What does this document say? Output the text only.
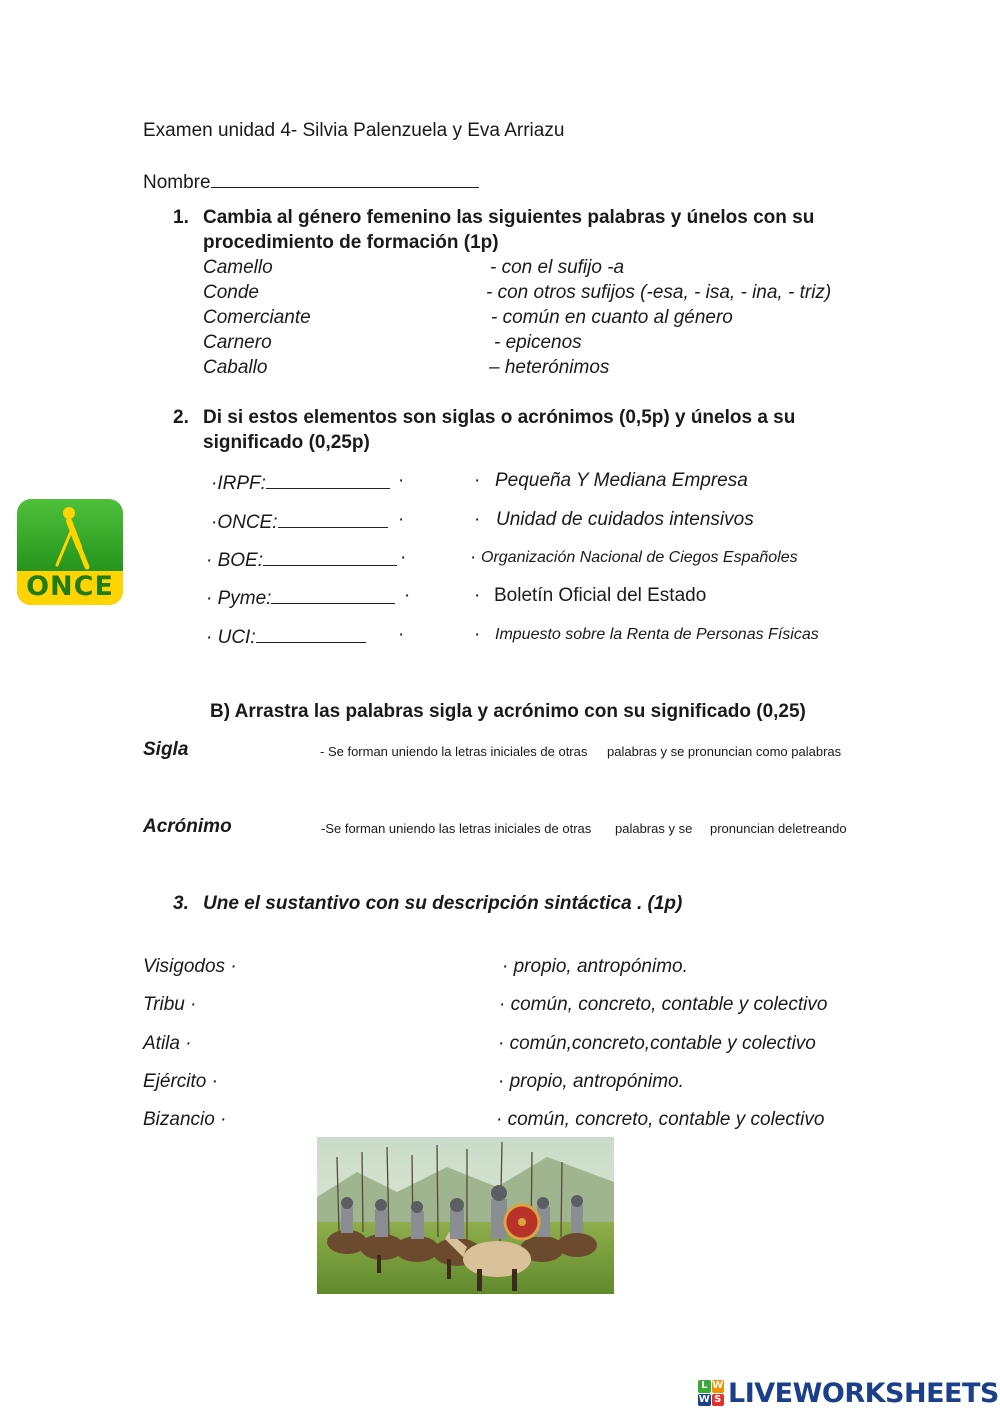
Examen unidad 4- Silvia Palenzuela y Eva Arriazu
Nombre
1. Cambia al género femenino las siguientes palabras y únelos con su
procedimiento de formación (1p)
Camello
Conde
Comerciante
Carnero
Caballo
- con el sufijo -a
- con otros sufijos (-esa, - isa, - ina, - triz)
- común en cuanto al género
- epicenos
– heterónimos
2. Di si estos elementos son siglas o acrónimos (0,5p) y únelos a su
significado (0,25p)
ONCE
·IRPF:
·ONCE:
· BOE:
· Pyme:
· UCI:
·
·
·
·
·
·
·
·
·
·
Pequeña Y Mediana Empresa
Unidad de cuidados intensivos
Organización Nacional de Ciegos Españoles
Boletín Oficial del Estado
Impuesto sobre la Renta de Personas Físicas
B) Arrastra las palabras sigla y acrónimo con su significado (0,25)
Sigla	- Se forman uniendo la letras iniciales de otras palabras y se pronuncian como palabras
Acrónimo	-Se forman uniendo las letras iniciales de otras palabras y se pronuncian deletreando
3. Une el sustantivo con su descripción sintáctica . (1p)
Visigodos ·
Tribu ·
Atila ·
Ejército ·
Bizancio ·
· propio, antropónimo.
· común, concreto, contable y colectivo
· común,concreto,contable y colectivo
· propio, antropónimo.
· común, concreto, contable y colectivo
L W
W S LIVEWORKSHEETS
